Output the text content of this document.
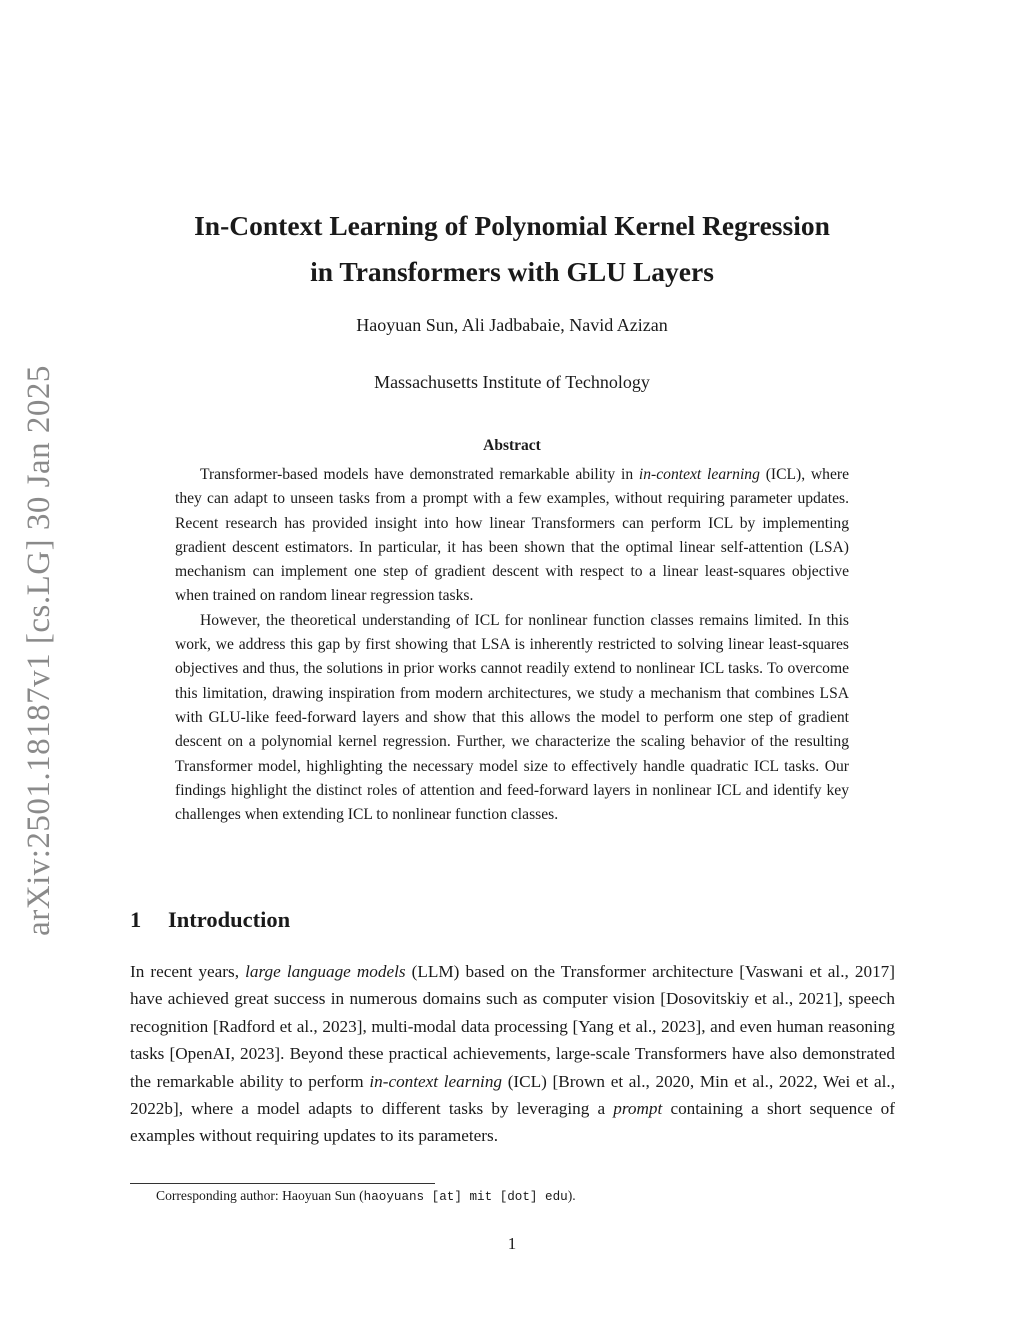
arXiv:2501.18187v1 [cs.LG] 30 Jan 2025
In-Context Learning of Polynomial Kernel Regression
in Transformers with GLU Layers
Haoyuan Sun, Ali Jadbabaie, Navid Azizan
Massachusetts Institute of Technology
Abstract

Transformer-based models have demonstrated remarkable ability in in-context learning (ICL), where they can adapt to unseen tasks from a prompt with a few examples, without requiring parameter updates. Recent research has provided insight into how linear Transformers can perform ICL by implementing gradient descent estimators. In particular, it has been shown that the optimal linear self-attention (LSA) mechanism can implement one step of gradient descent with respect to a linear least-squares objective when trained on random linear regression tasks.

However, the theoretical understanding of ICL for nonlinear function classes remains limited. In this work, we address this gap by first showing that LSA is inherently restricted to solving linear least-squares objectives and thus, the solutions in prior works cannot readily extend to nonlinear ICL tasks. To overcome this limitation, drawing inspiration from modern architectures, we study a mechanism that combines LSA with GLU-like feed-forward layers and show that this allows the model to perform one step of gradient descent on a polynomial kernel regression. Further, we characterize the scaling behavior of the resulting Transformer model, highlighting the necessary model size to effectively handle quadratic ICL tasks. Our findings highlight the distinct roles of attention and feed-forward layers in nonlinear ICL and identify key challenges when extending ICL to nonlinear function classes.

1 Introduction

In recent years, large language models (LLM) based on the Transformer architecture [Vaswani et al., 2017] have achieved great success in numerous domains such as computer vision [Dosovitskiy et al., 2021], speech recognition [Radford et al., 2023], multi-modal data processing [Yang et al., 2023], and even human reasoning tasks [OpenAI, 2023]. Beyond these practical achievements, large-scale Transformers have also demonstrated the remarkable ability to perform in-context learning (ICL) [Brown et al., 2020, Min et al., 2022, Wei et al., 2022b], where a model adapts to different tasks by leveraging a prompt containing a short sequence of examples without requiring updates to its parameters.

Corresponding author: Haoyuan Sun (haoyuans [at] mit [dot] edu).
1
